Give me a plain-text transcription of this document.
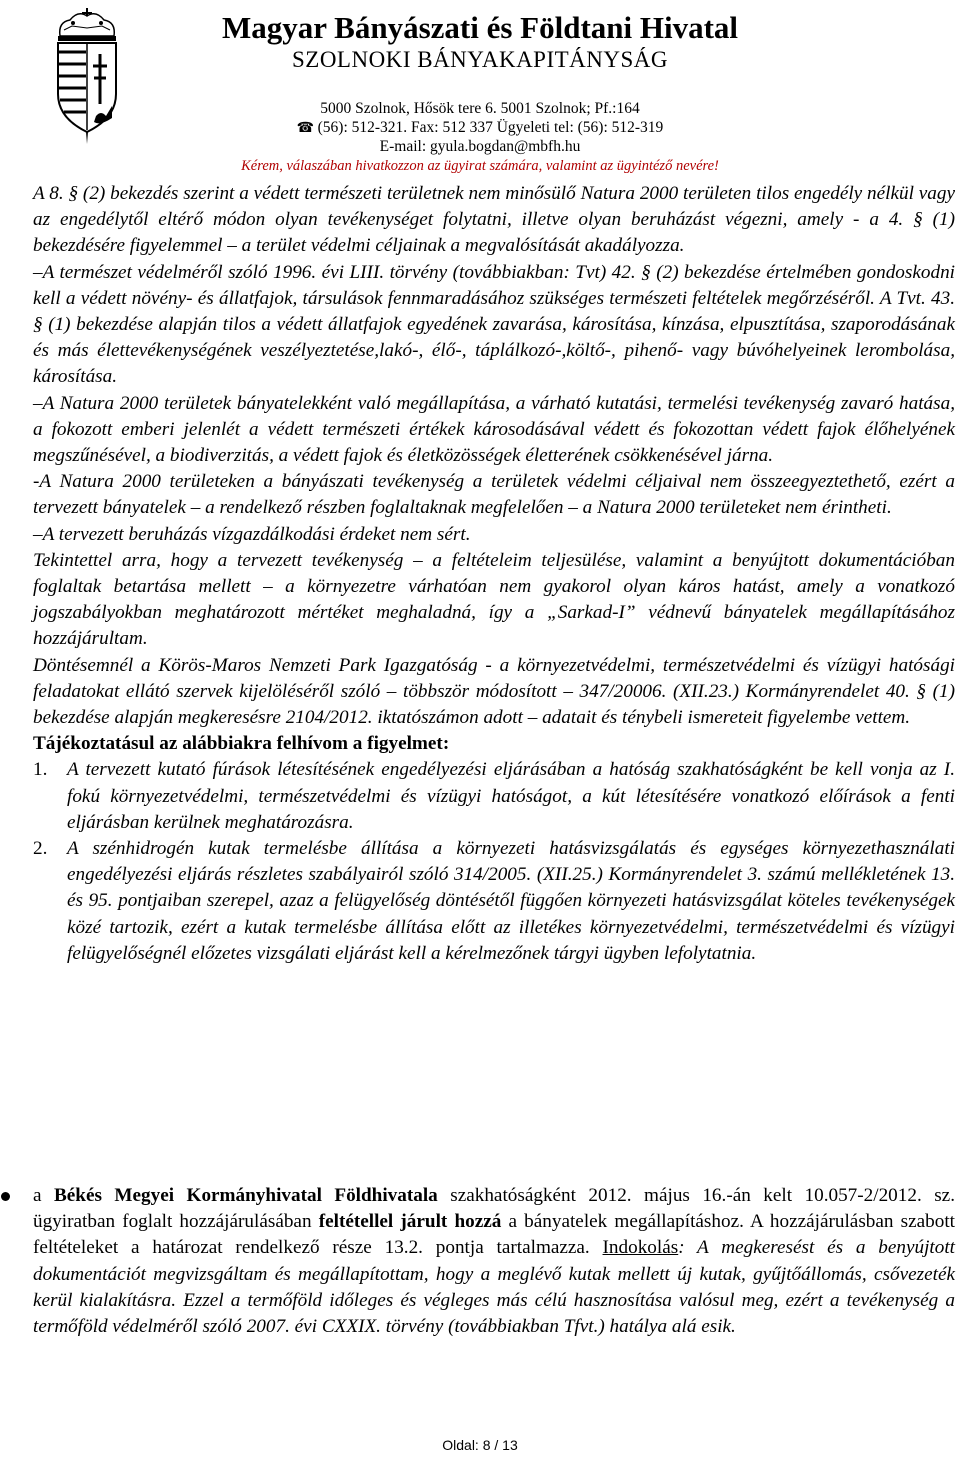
Magyar Bányászati és Földtani Hivatal
SZOLNOKI BÁNYAKAPITÁNYSÁG
5000 Szolnok, Hősök tere 6. 5001 Szolnok; Pf.:164
☎ (56): 512-321. Fax: 512 337 Ügyeleti tel: (56): 512-319
E-mail: gyula.bogdan@mbfh.hu
Kérem, válaszában hivatkozzon az ügyirat számára, valamint az ügyintéző nevére!

A 8. § (2) bekezdés szerint a védett természeti területnek nem minősülő Natura 2000 területen tilos engedély nélkül vagy az engedélytől eltérő módon olyan tevékenységet folytatni, illetve olyan beruházást végezni, amely - a 4. § (1) bekezdésére figyelemmel – a terület védelmi céljainak a megvalósítását akadályozza.

–A természet védelméről szóló 1996. évi LIII. törvény (továbbiakban: Tvt) 42. § (2) bekezdése értelmében gondoskodni kell a védett növény- és állatfajok, társulások fennmaradásához szükséges természeti feltételek megőrzéséről. A Tvt. 43. § (1) bekezdése alapján tilos a védett állatfajok egyedének zavarása, károsítása, kínzása, elpusztítása, szaporodásának és más élettevékenységének veszélyeztetése,lakó-, élő-, táplálkozó-,költő-, pihenő- vagy búvóhelyeinek lerombolása, károsítása.

–A Natura 2000 területek bányatelekként való megállapítása, a várható kutatási, termelési tevékenység zavaró hatása, a fokozott emberi jelenlét a védett természeti értékek károsodásával védett és fokozottan védett fajok élőhelyének megszűnésével, a biodiverzitás, a védett fajok és életközösségek életterének csökkenésével járna.

-A Natura 2000 területeken a bányászati tevékenység a területek védelmi céljaival nem összeegyeztethető, ezért a tervezett bányatelek – a rendelkező részben foglaltaknak megfelelően – a Natura 2000 területeket nem érintheti.

–A tervezett beruházás vízgazdálkodási érdeket nem sért.

Tekintettel arra, hogy a tervezett tevékenység – a feltételeim teljesülése, valamint a benyújtott dokumentációban foglaltak betartása mellett – a környezetre várhatóan nem gyakorol olyan káros hatást, amely a vonatkozó jogszabályokban meghatározott mértéket meghaladná, így a „Sarkad-I” védnevű bányatelek megállapításához hozzájárultam.

Döntésemnél a Körös-Maros Nemzeti Park Igazgatóság - a környezetvédelmi, természetvédelmi és vízügyi hatósági feladatokat ellátó szervek kijelöléséről szóló – többször módosított – 347/20006. (XII.23.) Kormányrendelet 40. § (1) bekezdése alapján megkeresésre 2104/2012. iktatószámon adott – adatait és ténybeli ismereteit figyelembe vettem.

Tájékoztatásul az alábbiakra felhívom a figyelmet:

1. A tervezett kutató fúrások létesítésének engedélyezési eljárásában a hatóság szakhatóságként be kell vonja az I. fokú környezetvédelmi, természetvédelmi és vízügyi hatóságot, a kút létesítésére vonatkozó előírások a fenti eljárásban kerülnek meghatározásra.
2. A szénhidrogén kutak termelésbe állítása a környezeti hatásvizsgálatás és egységes környezethasználati engedélyezési eljárás részletes szabályairól szóló 314/2005. (XII.25.) Kormányrendelet 3. számú mellékletének 13. és 95. pontjaiban szerepel, azaz a felügyelőség döntésétől függően környezeti hatásvizsgálat köteles tevékenységek közé tartozik, ezért a kutak termelésbe állítása előtt az illetékes környezetvédelmi, természetvédelmi és vízügyi felügyelőségnél előzetes vizsgálati eljárást kell a kérelmezőnek tárgyi ügyben lefolytatnia.
a Békés Megyei Kormányhivatal Földhivatala szakhatóságként 2012. május 16.-án kelt 10.057-2/2012. sz. ügyiratban foglalt hozzájárulásában feltétellel járult hozzá a bányatelek megállapításhoz. A hozzájárulásban szabott feltételeket a határozat rendelkező része 13.2. pontja tartalmazza. Indokolás: A megkeresést és a benyújtott dokumentációt megvizsgáltam és megállapítottam, hogy a meglévő kutak mellett új kutak, gyűjtőállomás, csővezeték kerül kialakításra. Ezzel a termőföld időleges és végleges más célú hasznosítása valósul meg, ezért a tevékenység a termőföld védelméről szóló 2007. évi CXXIX. törvény (továbbiakban Tfvt.) hatálya alá esik.
Oldal: 8 / 13
